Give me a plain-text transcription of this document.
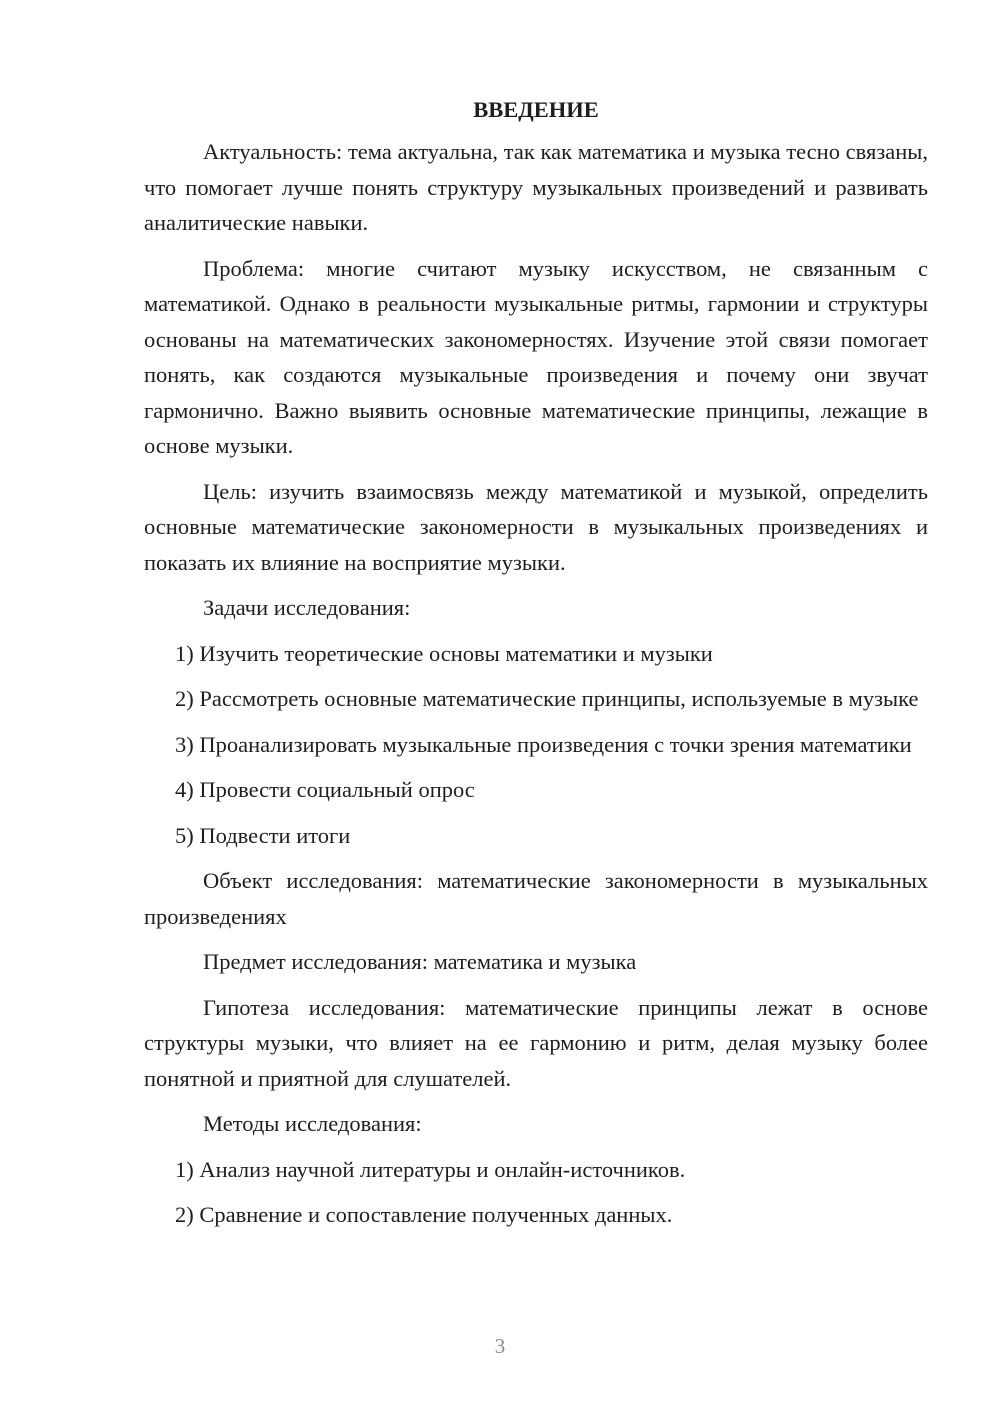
ВВЕДЕНИЕ

Актуальность: тема актуальна, так как математика и музыка тесно связаны, что помогает лучше понять структуру музыкальных произведений и развивать аналитические навыки.

Проблема: многие считают музыку искусством, не связанным с математикой. Однако в реальности музыкальные ритмы, гармонии и структуры основаны на математических закономерностях. Изучение этой связи помогает понять, как создаются музыкальные произведения и почему они звучат гармонично. Важно выявить основные математические принципы, лежащие в основе музыки.

Цель: изучить взаимосвязь между математикой и музыкой, определить основные математические закономерности в музыкальных произведениях и показать их влияние на восприятие музыки.

Задачи исследования:

1) Изучить теоретические основы математики и музыки

2) Рассмотреть основные математические принципы, используемые в музыке

3) Проанализировать музыкальные произведения с точки зрения математики

4) Провести социальный опрос

5) Подвести итоги

Объект исследования: математические закономерности в музыкальных произведениях

Предмет исследования: математика и музыка

Гипотеза исследования: математические принципы лежат в основе структуры музыки, что влияет на ее гармонию и ритм, делая музыку более понятной и приятной для слушателей.

Методы исследования:

1) Анализ научной литературы и онлайн-источников.

2) Сравнение и сопоставление полученных данных.

3
